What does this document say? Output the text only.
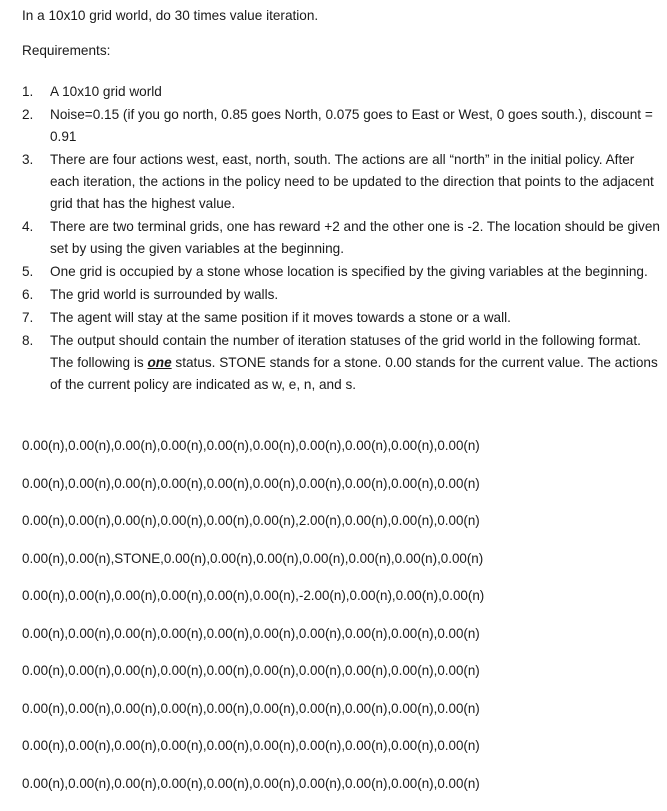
In a 10x10 grid world, do 30 times value iteration.
Requirements:
1.	A 10x10 grid world
2.	Noise=0.15 (if you go north, 0.85 goes North, 0.075 goes to East or West, 0 goes south.), discount = 0.91
3.	There are four actions west, east, north, south. The actions are all “north” in the initial policy. After each iteration, the actions in the policy need to be updated to the direction that points to the adjacent grid that has the highest value.
4.	There are two terminal grids, one has reward +2 and the other one is -2. The location should be given set by using the given variables at the beginning.
5.	One grid is occupied by a stone whose location is specified by the giving variables at the beginning.
6.	The grid world is surrounded by walls.
7.	The agent will stay at the same position if it moves towards a stone or a wall.
8.	The output should contain the number of iteration statuses of the grid world in the following format. The following is one status. STONE stands for a stone. 0.00 stands for the current value. The actions of the current policy are indicated as w, e, n, and s.
0.00(n),0.00(n),0.00(n),0.00(n),0.00(n),0.00(n),0.00(n),0.00(n),0.00(n),0.00(n)
0.00(n),0.00(n),0.00(n),0.00(n),0.00(n),0.00(n),0.00(n),0.00(n),0.00(n),0.00(n)
0.00(n),0.00(n),0.00(n),0.00(n),0.00(n),0.00(n),2.00(n),0.00(n),0.00(n),0.00(n)
0.00(n),0.00(n),STONE,0.00(n),0.00(n),0.00(n),0.00(n),0.00(n),0.00(n),0.00(n)
0.00(n),0.00(n),0.00(n),0.00(n),0.00(n),0.00(n),-2.00(n),0.00(n),0.00(n),0.00(n)
0.00(n),0.00(n),0.00(n),0.00(n),0.00(n),0.00(n),0.00(n),0.00(n),0.00(n),0.00(n)
0.00(n),0.00(n),0.00(n),0.00(n),0.00(n),0.00(n),0.00(n),0.00(n),0.00(n),0.00(n)
0.00(n),0.00(n),0.00(n),0.00(n),0.00(n),0.00(n),0.00(n),0.00(n),0.00(n),0.00(n)
0.00(n),0.00(n),0.00(n),0.00(n),0.00(n),0.00(n),0.00(n),0.00(n),0.00(n),0.00(n)
0.00(n),0.00(n),0.00(n),0.00(n),0.00(n),0.00(n),0.00(n),0.00(n),0.00(n),0.00(n)
